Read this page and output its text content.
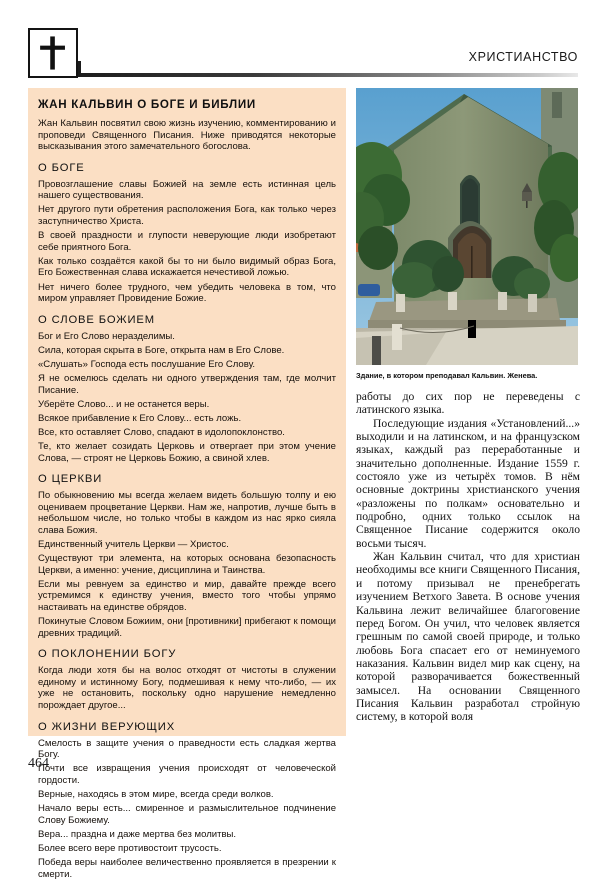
ХРИСТИАНСТВО
ЖАН КАЛЬВИН О БОГЕ И БИБЛИИ

Жан Кальвин посвятил свою жизнь изучению, комментированию и проповеди Священного Писания. Ниже приводятся некоторые высказывания этого замечательного богослова.

О БОГЕ

Провозглашение славы Божией на земле есть истинная цель нашего существования.

Нет другого пути обретения расположения Бога, как только через заступничество Христа.

В своей праздности и глупости неверующие люди изобретают себе приятного Бога.

Как только создаётся какой бы то ни было видимый образ Бога, Его Божественная слава искажается нечестивой ложью.

Нет ничего более трудного, чем убедить человека в том, что миром управляет Провидение Божие.

О СЛОВЕ БОЖИЕМ

Бог и Его Слово неразделимы.

Сила, которая скрыта в Боге, открыта нам в Его Слове.

«Слушать» Господа есть послушание Его Слову.

Я не осмелюсь сделать ни одного утверждения там, где молчит Писание.

Уберёте Слово... и не останется веры.

Всякое прибавление к Его Слову... есть ложь.

Все, кто оставляет Слово, спадают в идолопоклонство.

Те, кто желает созидать Церковь и отвергает при этом учение Слова, — строят не Церковь Божию, а свиной хлев.

О ЦЕРКВИ

По обыкновению мы всегда желаем видеть большую толпу и ею оцениваем процветание Церкви. Нам же, напротив, лучше быть в небольшом числе, но только чтобы в каждом из нас ярко сияла слава Божия.

Единственный учитель Церкви — Христос.

Существуют три элемента, на которых основана безопасность Церкви, а именно: учение, дисциплина и Таинства.

Если мы ревнуем за единство и мир, давайте прежде всего устремимся к единству учения, вместо того чтобы упрямо настаивать на единстве обрядов.

Покинутые Словом Божиим, они [противники] прибегают к помощи древних традиций.

О ПОКЛОНЕНИИ БОГУ

Когда люди хотя бы на волос отходят от чистоты в служении единому и истинному Богу, подмешивая к нему что-либо, — их уже не остановить, поскольку одно нарушение немедленно порождает другое...

О ЖИЗНИ ВЕРУЮЩИХ

Смелость в защите учения о праведности есть сладкая жертва Богу.

Почти все извращения учения происходят от человеческой гордости.

Верные, находясь в этом мире, всегда среди волков.

Начало веры есть... смиренное и размыслительное подчинение Слову Божиему.

Вера... праздна и даже мертва без молитвы.

Более всего вере противостоит трусость.

Победа веры наиболее величественно проявляется в презрении к смерти.

Здание, в котором преподавал Кальвин. Женева.

работы до сих пор не переведены с латинского языка.

Последующие издания «Установлений...» выходили и на латинском, и на французском языках, каждый раз переработанные и значительно дополненные. Издание 1559 г. состояло уже из четырёх томов. В нём основные доктрины христианского учения «разложены по полкам» основательно и подробно, одних только ссылок на Священное Писание содержится около восьми тысяч.

Жан Кальвин считал, что для христиан необходимы все книги Священного Писания, и потому призывал не пренебрегать изучением Ветхого Завета. В основе учения Кальвина лежит величайшее благоговение перед Богом. Он учил, что человек является грешным по самой своей природе, и только любовь Бога спасает его от неминуемого наказания. Кальвин видел мир как сцену, на которой разворачивается божественный замысел. На основании Священного Писания Кальвин разработал стройную систему, в которой воля

464
